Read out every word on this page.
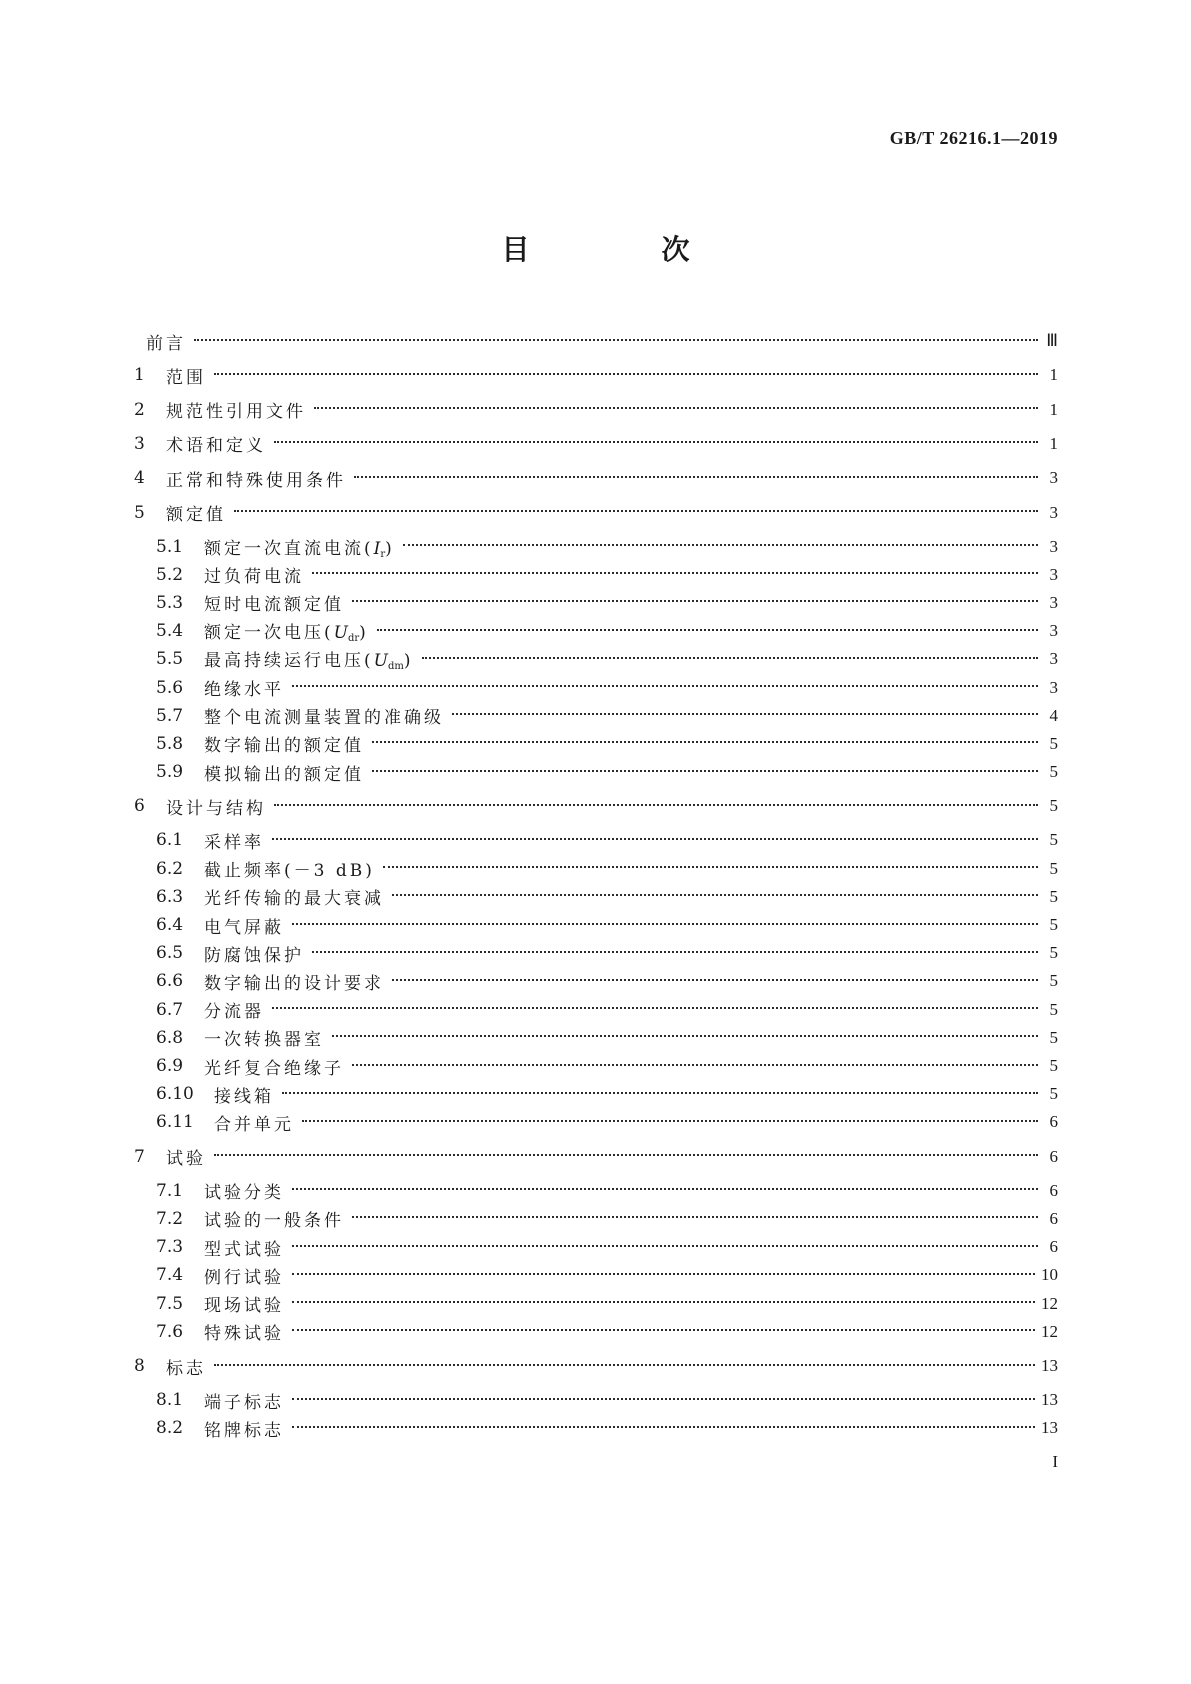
GB/T 26216.1—2019
目　次
前言	Ⅲ
1	范围	1
2	规范性引用文件	1
3	术语和定义	1
4	正常和特殊使用条件	3
5	额定值	3
5.1	额定一次直流电流(Ir)	3
5.2	过负荷电流	3
5.3	短时电流额定值	3
5.4	额定一次电压(Udr)	3
5.5	最高持续运行电压(Udm)	3
5.6	绝缘水平	3
5.7	整个电流测量装置的准确级	4
5.8	数字输出的额定值	5
5.9	模拟输出的额定值	5
6	设计与结构	5
6.1	采样率	5
6.2	截止频率(－3 dB)	5
6.3	光纤传输的最大衰减	5
6.4	电气屏蔽	5
6.5	防腐蚀保护	5
6.6	数字输出的设计要求	5
6.7	分流器	5
6.8	一次转换器室	5
6.9	光纤复合绝缘子	5
6.10	接线箱	5
6.11	合并单元	6
7	试验	6
7.1	试验分类	6
7.2	试验的一般条件	6
7.3	型式试验	6
7.4	例行试验	10
7.5	现场试验	12
7.6	特殊试验	12
8	标志	13
8.1	端子标志	13
8.2	铭牌标志	13
I
